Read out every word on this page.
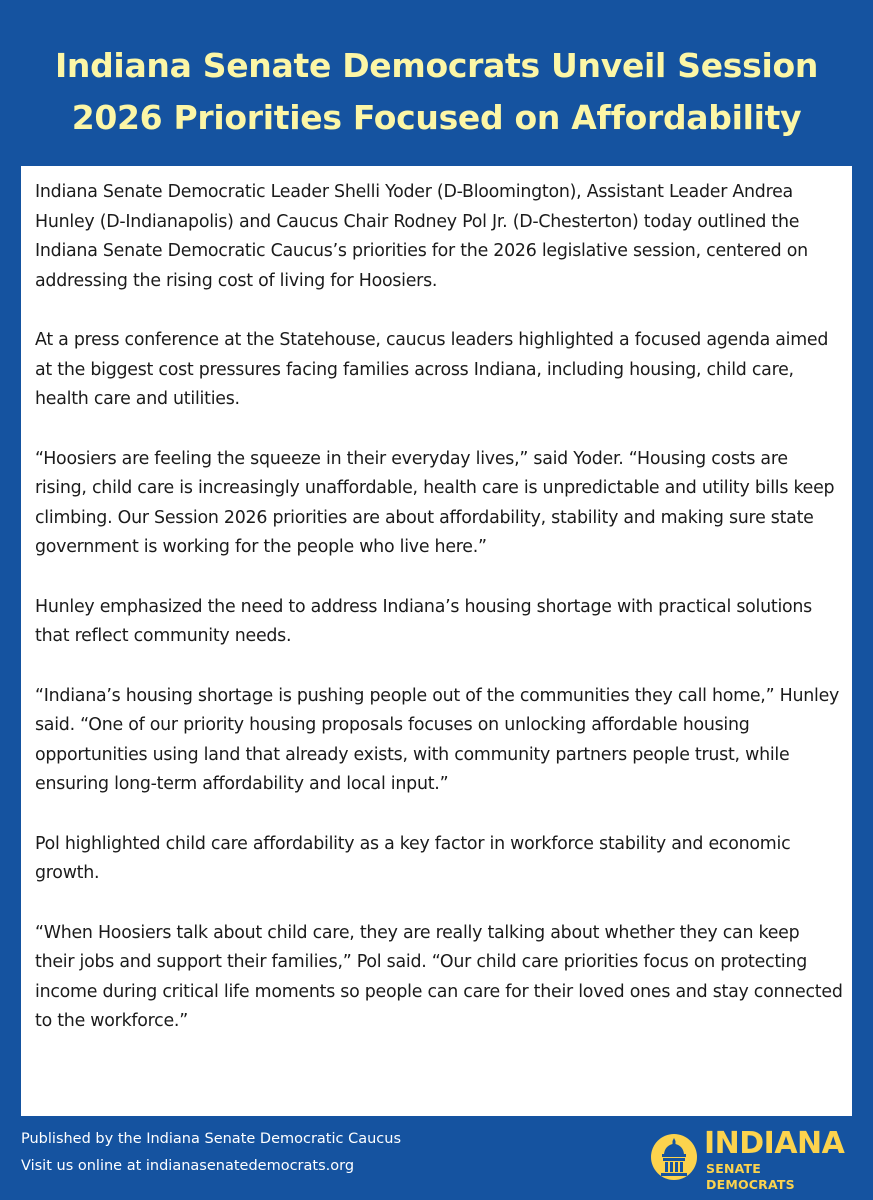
Indiana Senate Democrats Unveil Session
2026 Priorities Focused on Affordability

Indiana Senate Democratic Leader Shelli Yoder (D-Bloomington), Assistant Leader Andrea Hunley (D-Indianapolis) and Caucus Chair Rodney Pol Jr. (D-Chesterton) today outlined the Indiana Senate Democratic Caucus’s priorities for the 2026 legislative session, centered on addressing the rising cost of living for Hoosiers.

At a press conference at the Statehouse, caucus leaders highlighted a focused agenda aimed at the biggest cost pressures facing families across Indiana, including housing, child care, health care and utilities.

“Hoosiers are feeling the squeeze in their everyday lives,” said Yoder. “Housing costs are rising, child care is increasingly unaffordable, health care is unpredictable and utility bills keep climbing. Our Session 2026 priorities are about affordability, stability and making sure state government is working for the people who live here.”

Hunley emphasized the need to address Indiana’s housing shortage with practical solutions that reflect community needs.

“Indiana’s housing shortage is pushing people out of the communities they call home,” Hunley said. “One of our priority housing proposals focuses on unlocking affordable housing opportunities using land that already exists, with community partners people trust, while ensuring long-term affordability and local input.”

Pol highlighted child care affordability as a key factor in workforce stability and economic growth.

“When Hoosiers talk about child care, they are really talking about whether they can keep their jobs and support their families,” Pol said. “Our child care priorities focus on protecting income during critical life moments so people can care for their loved ones and stay connected to the workforce.”

Published by the Indiana Senate Democratic Caucus
Visit us online at indianasenatedemocrats.org
INDIANA
SENATE DEMOCRATS
